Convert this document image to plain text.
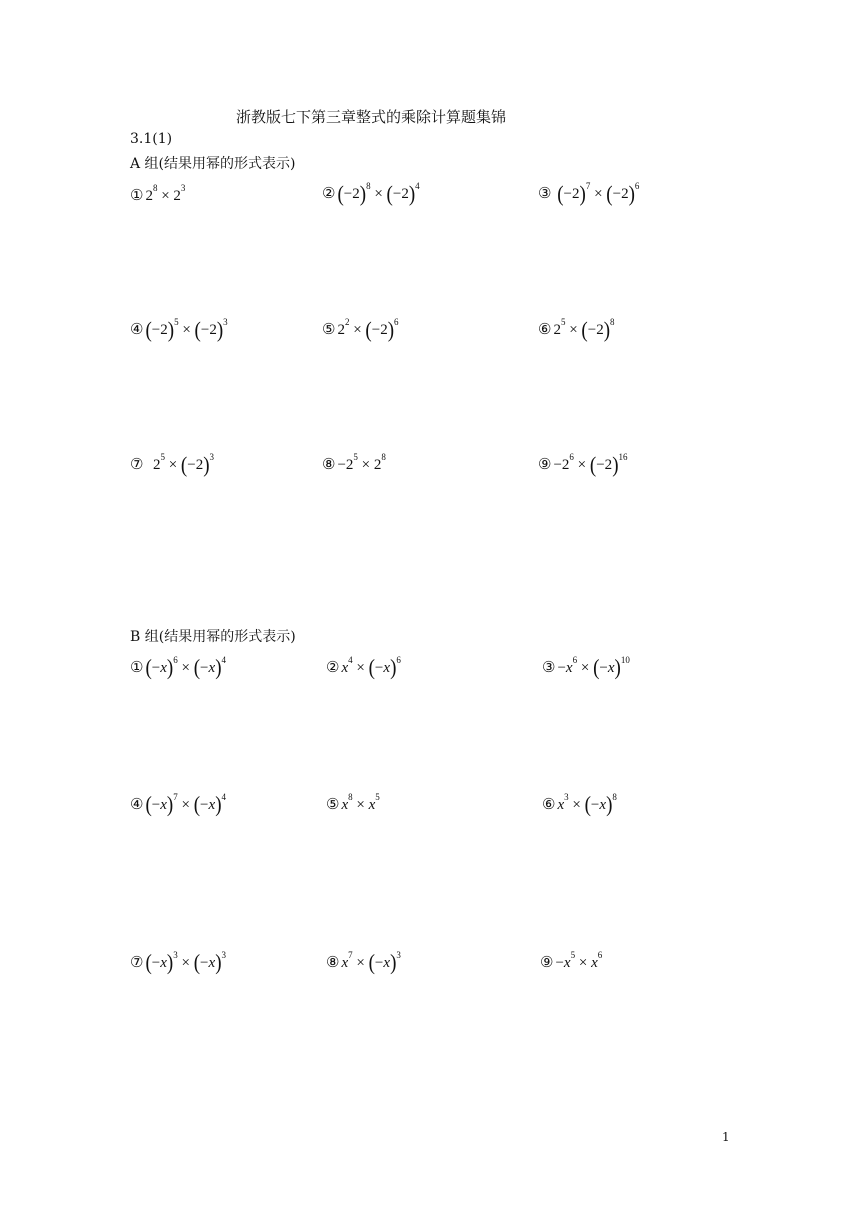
浙教版七下第三章整式的乘除计算题集锦
3.1(1)
A 组(结果用幂的形式表示)
① $2^8 \times 2^3$	② $(-2)^8 \times (-2)^4$	③ $(-2)^7 \times (-2)^6$
④ $(-2)^5 \times (-2)^3$	⑤ $2^2 \times (-2)^6$	⑥ $2^5 \times (-2)^8$
⑦  $2^5 \times (-2)^3$	⑧ $-2^5 \times 2^8$	⑨ $-2^6 \times (-2)^{16}$
B 组(结果用幂的形式表示)
① $(-x)^6 \times (-x)^4$	② $x^4 \times (-x)^6$	③ $-x^6 \times (-x)^{10}$
④ $(-x)^7 \times (-x)^4$	⑤ $x^8 \times x^5$	⑥ $x^3 \times (-x)^8$
⑦ $(-x)^3 \times (-x)^3$	⑧ $x^7 \times (-x)^3$	⑨ $-x^5 \times x^6$
1
